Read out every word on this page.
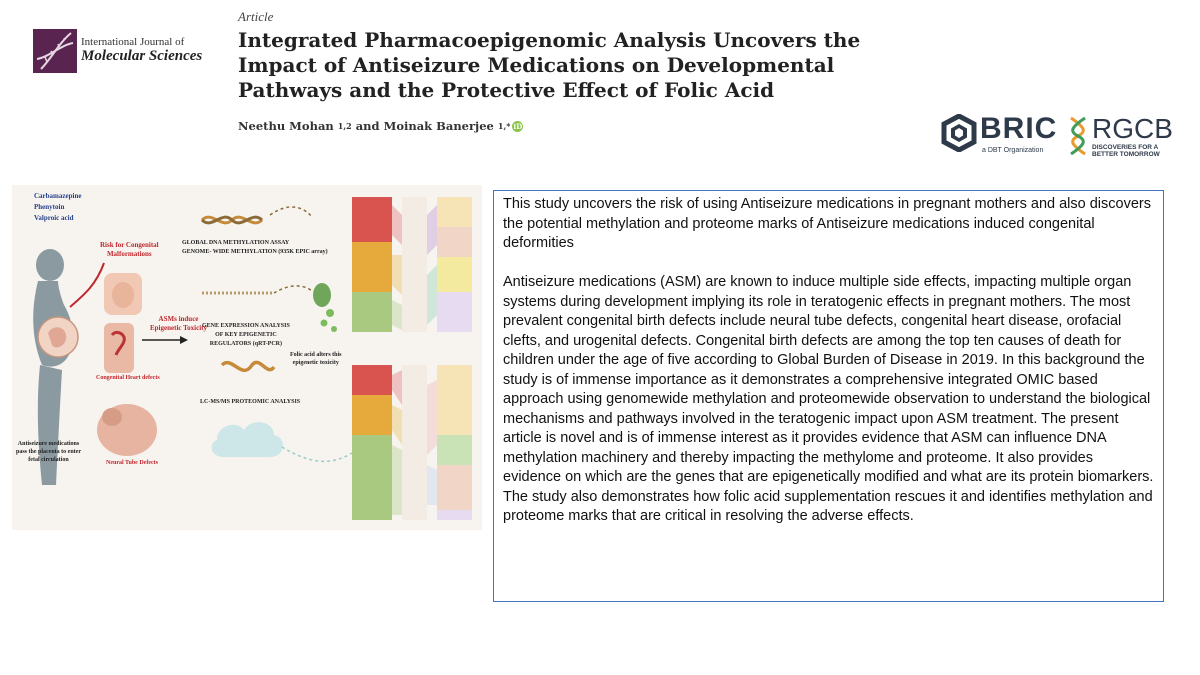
International Journal of
Molecular Sciences
Article
Integrated Pharmacoepigenomic Analysis Uncovers the Impact of Antiseizure Medications on Developmental Pathways and the Protective Effect of Folic Acid
Neethu Mohan
1,2
and
Moinak Banerjee
1,* iD	BRIC
a DBT Organization
RGCB
DISCOVERIES FOR A
BETTER TOMORROW
Carbamazepine
Phenytoin
Valproic acid
Risk for Congenital
Malformations
ASMs induce
Epigenetic Toxicity
Congenital Heart defects
Neural Tube Defects
Antiseizure medications
pass the placenta to enter
fetal circulation
GLOBAL DNA METHYLATION ASSAY
GENOME- WIDE METHYLATION (935K EPIC array)
GENE EXPRESSION ANALYSIS
OF KEY EPIGENETIC
REGULATORS (qRT-PCR)
Folic acid alters this
epigenetic toxicity
LC-MS/MS PROTEOMIC ANALYSIS

This study uncovers the risk of using Antiseizure medications in pregnant mothers and also discovers the potential methylation and proteome marks of Antiseizure medications induced congenital deformities

Antiseizure medications (ASM) are known to induce multiple side effects, impacting multiple organ systems during development implying its role in teratogenic effects in pregnant mothers. The most prevalent congenital birth defects include neural tube defects, congenital heart disease, orofacial clefts, and urogenital defects. Congenital birth defects are among the top ten causes of death for children under the age of five according to Global Burden of Disease in 2019. In this background the study is of immense importance as it demonstrates a comprehensive integrated OMIC based approach using genomewide methylation and proteomewide observation to understand the biological mechanisms and pathways involved in the teratogenic impact upon ASM treatment. The present article is novel and is of immense interest as it provides evidence that ASM can influence DNA methylation machinery and thereby impacting the methylome and proteome. It also provides evidence on which are the genes that are epigenetically modified and what are its protein biomarkers. The study also demonstrates how folic acid supplementation rescues it and identifies methylation and proteome marks that are critical in resolving the adverse effects.
